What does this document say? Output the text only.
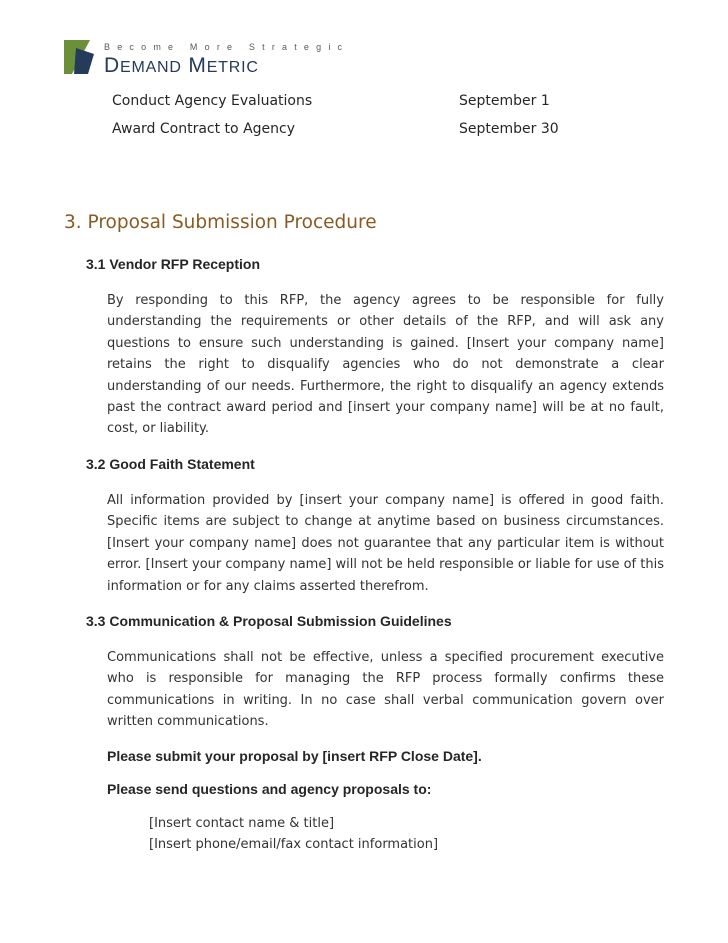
Become More Strategic
DEMAND METRIC
Conduct Agency Evaluations	September 1
Award Contract to Agency	September 30
3. Proposal Submission Procedure
3.1 Vendor RFP Reception

By responding to this RFP, the agency agrees to be responsible for fully understanding the requirements or other details of the RFP, and will ask any questions to ensure such understanding is gained. [Insert your company name] retains the right to disqualify agencies who do not demonstrate a clear understanding of our needs. Furthermore, the right to disqualify an agency extends past the contract award period and [insert your company name] will be at no fault, cost, or liability.

3.2 Good Faith Statement

All information provided by [insert your company name] is offered in good faith. Specific items are subject to change at anytime based on business circumstances. [Insert your company name] does not guarantee that any particular item is without error. [Insert your company name] will not be held responsible or liable for use of this information or for any claims asserted therefrom.

3.3 Communication & Proposal Submission Guidelines

Communications shall not be effective, unless a specified procurement executive who is responsible for managing the RFP process formally confirms these communications in writing. In no case shall verbal communication govern over written communications.

Please submit your proposal by [insert RFP Close Date].
Please send questions and agency proposals to:
[Insert contact name & title]
[Insert phone/email/fax contact information]
